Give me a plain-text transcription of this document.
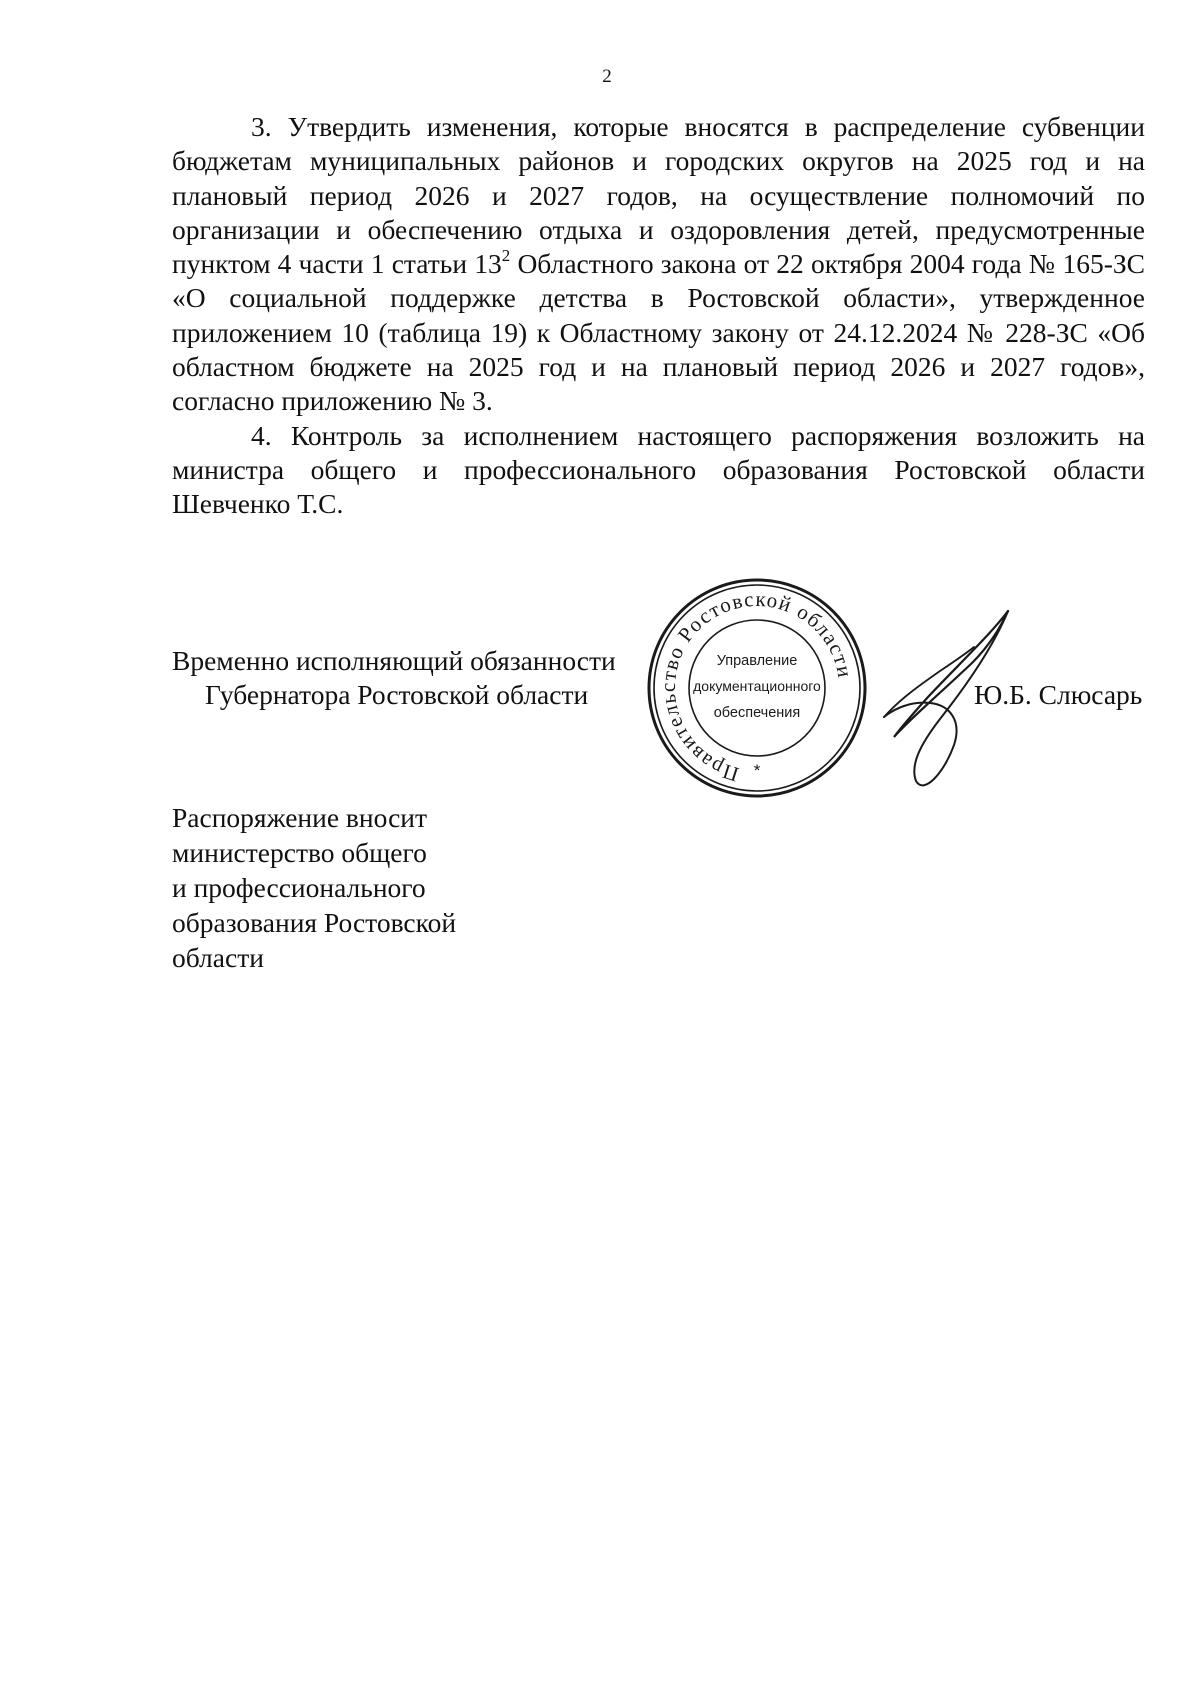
2

3. Утвердить изменения, которые вносятся в распределение субвенции бюджетам муниципальных районов и городских округов на 2025 год и на плановый период 2026 и 2027 годов, на осуществление полномочий по организации и обеспечению отдыха и оздоровления детей, предусмотренные пунктом 4 части 1 статьи $13^2$ Областного закона от 22 октября 2004 года № 165-ЗС «О социальной поддержке детства в Ростовской области», утвержденное приложением 10 (таблица 19) к Областному закону от 24.12.2024 № 228-ЗС «Об областном бюджете на 2025 год и на плановый период 2026 и 2027 годов», согласно приложению № 3.

4. Контроль за исполнением настоящего распоряжения возложить на министра общего и профессионального образования Ростовской области Шевченко Т.С.

Временно исполняющий обязанности
Губернатора Ростовской области
Правительство Ростовской области
Управление
документационного
обеспечения
*
Ю.Б. Слюсарь
Распоряжение вносит
министерство общего
и профессионального
образования Ростовской
области
